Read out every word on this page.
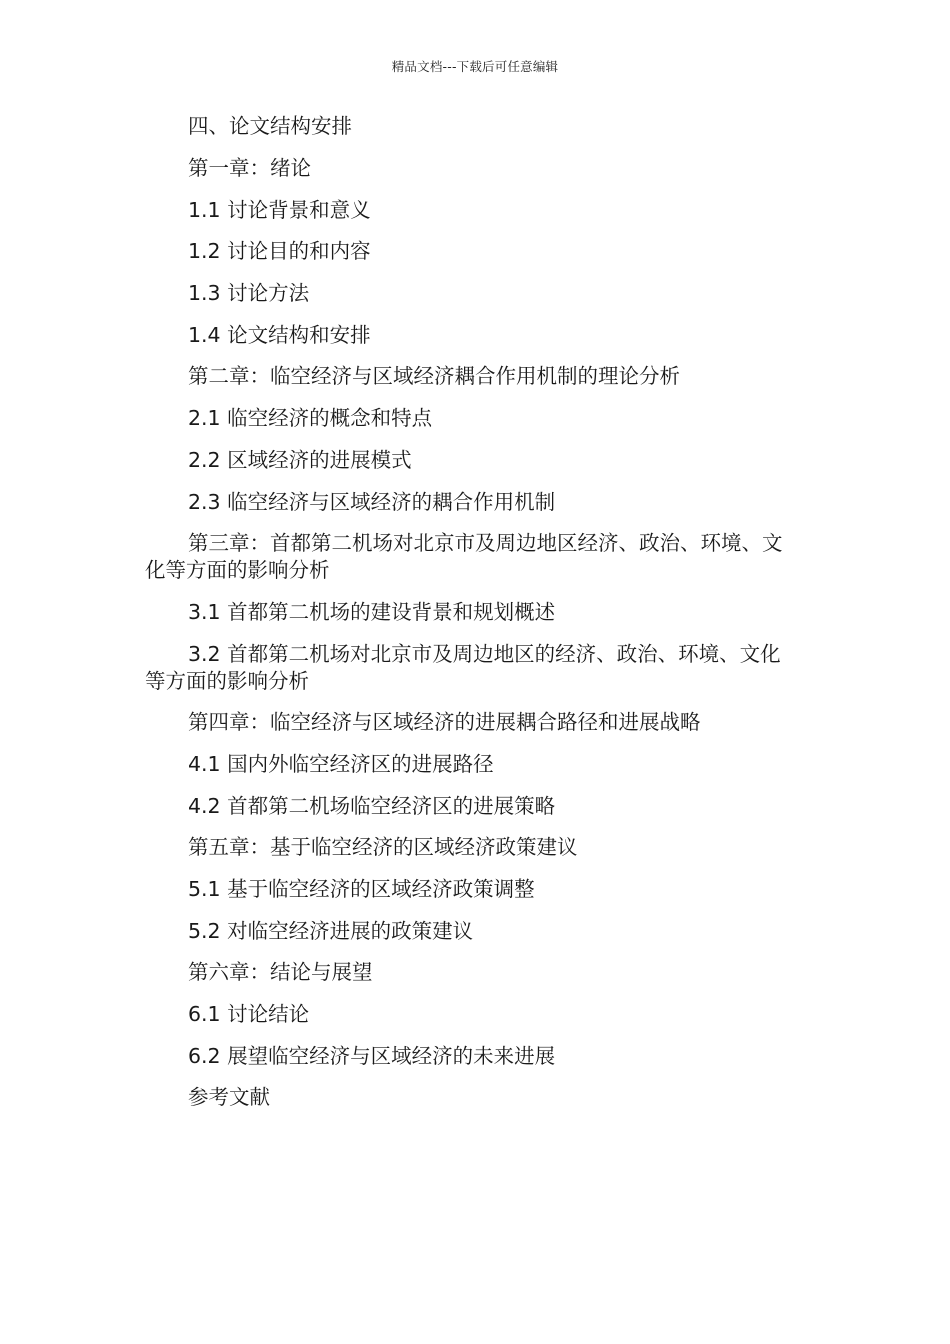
精品文档---下载后可任意编辑
四、论文结构安排
第一章：绪论
1.1 讨论背景和意义
1.2 讨论目的和内容
1.3 讨论方法
1.4 论文结构和安排
第二章：临空经济与区域经济耦合作用机制的理论分析
2.1 临空经济的概念和特点
2.2 区域经济的进展模式
2.3 临空经济与区域经济的耦合作用机制
第三章：首都第二机场对北京市及周边地区经济、政治、环境、文化等方面的影响分析
3.1 首都第二机场的建设背景和规划概述
3.2 首都第二机场对北京市及周边地区的经济、政治、环境、文化等方面的影响分析
第四章：临空经济与区域经济的进展耦合路径和进展战略
4.1 国内外临空经济区的进展路径
4.2 首都第二机场临空经济区的进展策略
第五章：基于临空经济的区域经济政策建议
5.1 基于临空经济的区域经济政策调整
5.2 对临空经济进展的政策建议
第六章：结论与展望
6.1 讨论结论
6.2 展望临空经济与区域经济的未来进展
参考文献
